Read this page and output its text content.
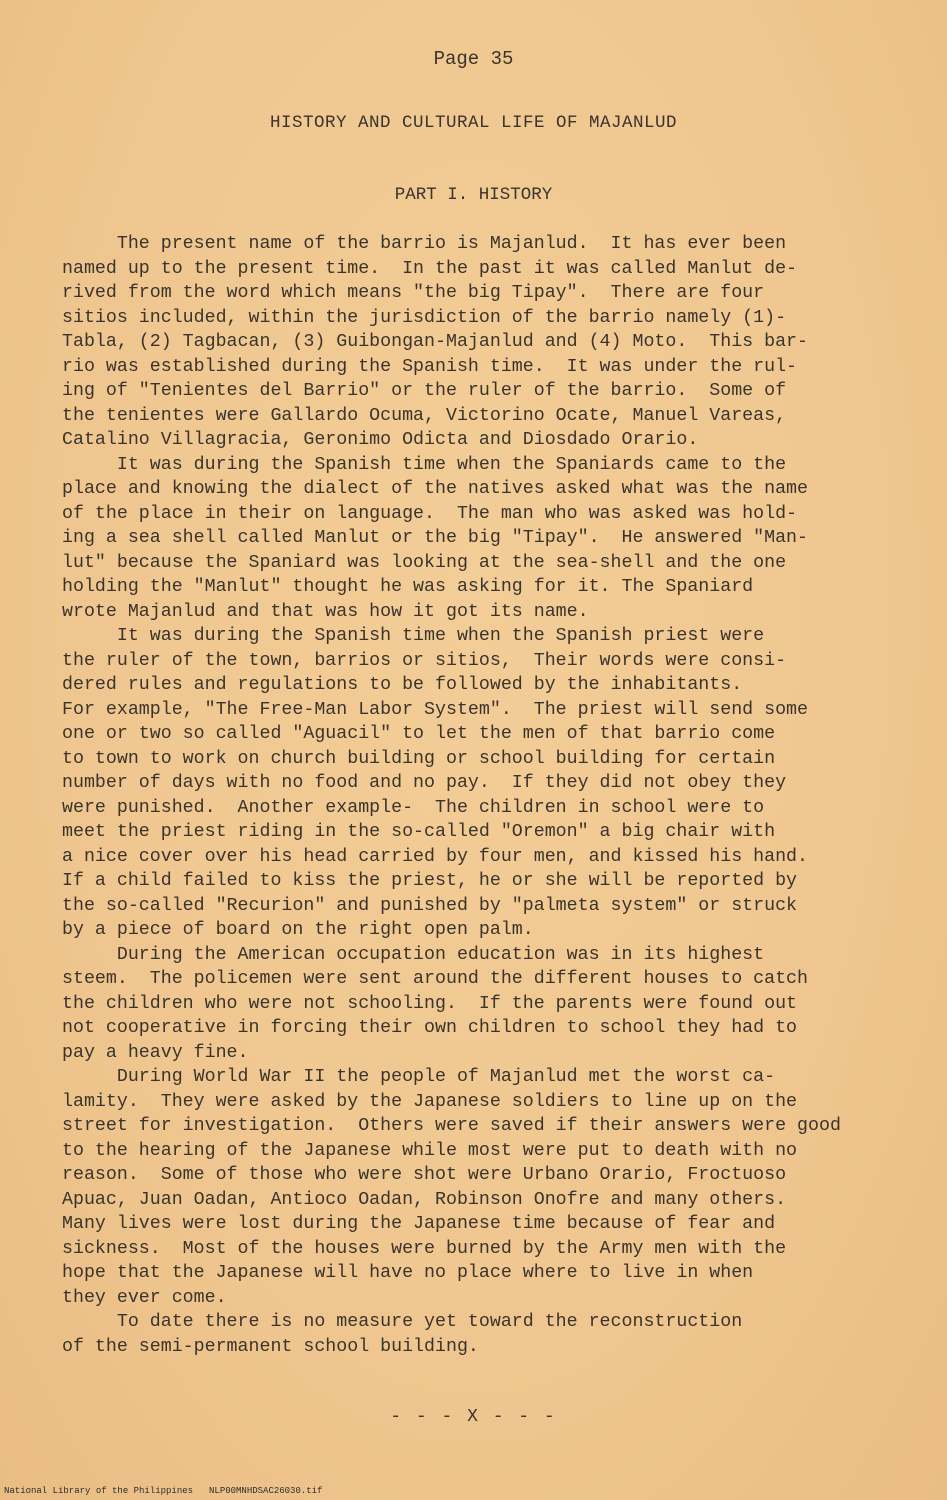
Page 35
HISTORY AND CULTURAL LIFE OF MAJANLUD
PART I. HISTORY
The present name of the barrio is Majanlud.  It has ever been
named up to the present time.  In the past it was called Manlut de-
rived from the word which means "the big Tipay".  There are four
sitios included, within the jurisdiction of the barrio namely (1)-
Tabla, (2) Tagbacan, (3) Guibongan-Majanlud and (4) Moto.  This bar-
rio was established during the Spanish time.  It was under the rul-
ing of "Tenientes del Barrio" or the ruler of the barrio.  Some of
the tenientes were Gallardo Ocuma, Victorino Ocate, Manuel Vareas,
Catalino Villagracia, Geronimo Odicta and Diosdado Orario.
It was during the Spanish time when the Spaniards came to the
place and knowing the dialect of the natives asked what was the name
of the place in their on language.  The man who was asked was hold-
ing a sea shell called Manlut or the big "Tipay".  He answered "Man-
lut" because the Spaniard was looking at the sea-shell and the one
holding the "Manlut" thought he was asking for it. The Spaniard
wrote Majanlud and that was how it got its name.
It was during the Spanish time when the Spanish priest were
the ruler of the town, barrios or sitios,  Their words were consi-
dered rules and regulations to be followed by the inhabitants.
For example, "The Free-Man Labor System".  The priest will send some
one or two so called "Aguacil" to let the men of that barrio come
to town to work on church building or school building for certain
number of days with no food and no pay.  If they did not obey they
were punished.  Another example-  The children in school were to
meet the priest riding in the so-called "Oremon" a big chair with
a nice cover over his head carried by four men, and kissed his hand.
If a child failed to kiss the priest, he or she will be reported by
the so-called "Recurion" and punished by "palmeta system" or struck
by a piece of board on the right open palm.
During the American occupation education was in its highest
steem.  The policemen were sent around the different houses to catch
the children who were not schooling.  If the parents were found out
not cooperative in forcing their own children to school they had to
pay a heavy fine.
During World War II the people of Majanlud met the worst ca-
lamity.  They were asked by the Japanese soldiers to line up on the
street for investigation.  Others were saved if their answers were good
to the hearing of the Japanese while most were put to death with no
reason.  Some of those who were shot were Urbano Orario, Froctuoso
Apuac, Juan Oadan, Antioco Oadan, Robinson Onofre and many others.
Many lives were lost during the Japanese time because of fear and
sickness.  Most of the houses were burned by the Army men with the
hope that the Japanese will have no place where to live in when
they ever come.
To date there is no measure yet toward the reconstruction
of the semi-permanent school building.
- - - X - - -
National Library of the Philippines NLP00MNHDSAC26030.tif
